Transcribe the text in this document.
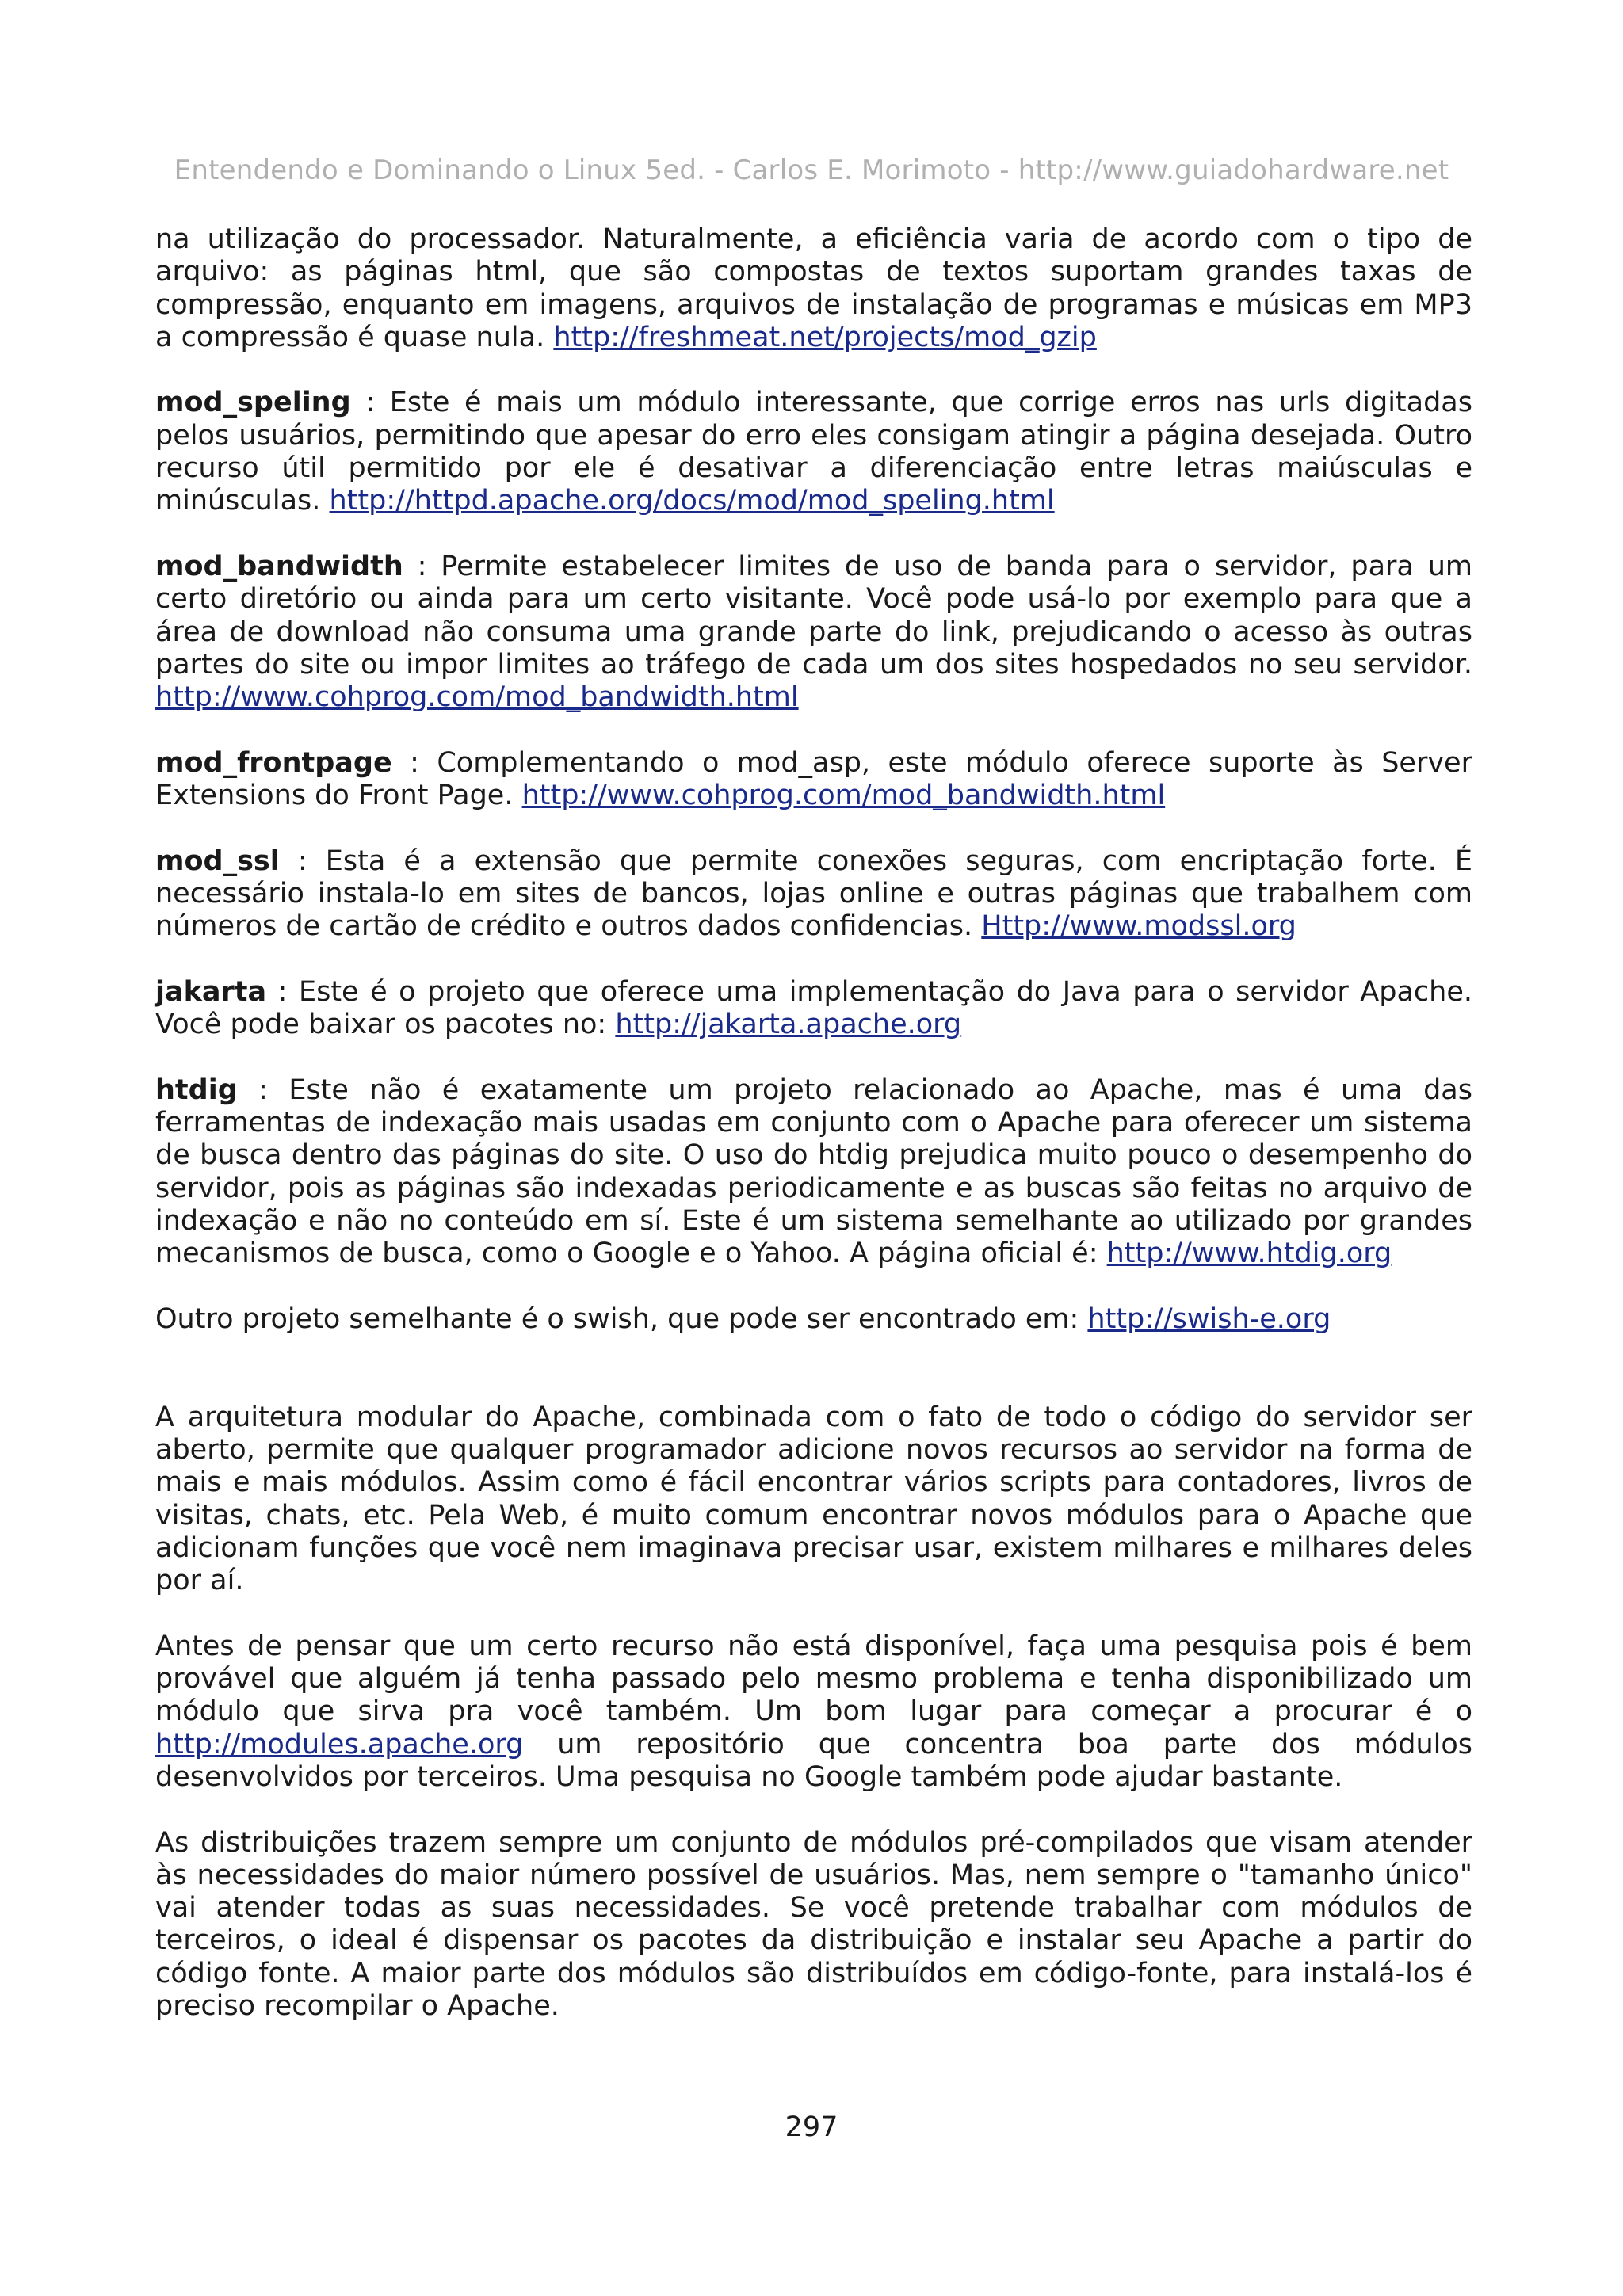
Entendendo e Dominando o Linux 5ed. - Carlos E. Morimoto - http://www.guiadohardware.net

na utilização do processador. Naturalmente, a eficiência varia de acordo com o tipo de arquivo: as páginas html, que são compostas de textos suportam grandes taxas de compressão, enquanto em imagens, arquivos de instalação de programas e músicas em MP3 a compressão é quase nula. http://freshmeat.net/projects/mod_gzip

mod_speling : Este é mais um módulo interessante, que corrige erros nas urls digitadas pelos usuários, permitindo que apesar do erro eles consigam atingir a página desejada. Outro recurso útil permitido por ele é desativar a diferenciação entre letras maiúsculas e minúsculas. http://httpd.apache.org/docs/mod/mod_speling.html

mod_bandwidth : Permite estabelecer limites de uso de banda para o servidor, para um certo diretório ou ainda para um certo visitante. Você pode usá-lo por exemplo para que a área de download não consuma uma grande parte do link, prejudicando o acesso às outras partes do site ou impor limites ao tráfego de cada um dos sites hospedados no seu servidor. http://www.cohprog.com/mod_bandwidth.html

mod_frontpage : Complementando o mod_asp, este módulo oferece suporte às Server Extensions do Front Page. http://www.cohprog.com/mod_bandwidth.html

mod_ssl : Esta é a extensão que permite conexões seguras, com encriptação forte. É necessário instala-lo em sites de bancos, lojas online e outras páginas que trabalhem com números de cartão de crédito e outros dados confidencias. Http://www.modssl.org

jakarta : Este é o projeto que oferece uma implementação do Java para o servidor Apache. Você pode baixar os pacotes no: http://jakarta.apache.org

htdig : Este não é exatamente um projeto relacionado ao Apache, mas é uma das ferramentas de indexação mais usadas em conjunto com o Apache para oferecer um sistema de busca dentro das páginas do site. O uso do htdig prejudica muito pouco o desempenho do servidor, pois as páginas são indexadas periodicamente e as buscas são feitas no arquivo de indexação e não no conteúdo em sí. Este é um sistema semelhante ao utilizado por grandes mecanismos de busca, como o Google e o Yahoo. A página oficial é: http://www.htdig.org

Outro projeto semelhante é o swish, que pode ser encontrado em: http://swish-e.org

A arquitetura modular do Apache, combinada com o fato de todo o código do servidor ser aberto, permite que qualquer programador adicione novos recursos ao servidor na forma de mais e mais módulos. Assim como é fácil encontrar vários scripts para contadores, livros de visitas, chats, etc. Pela Web, é muito comum encontrar novos módulos para o Apache que adicionam funções que você nem imaginava precisar usar, existem milhares e milhares deles por aí.

Antes de pensar que um certo recurso não está disponível, faça uma pesquisa pois é bem provável que alguém já tenha passado pelo mesmo problema e tenha disponibilizado um módulo que sirva pra você também. Um bom lugar para começar a procurar é o http://modules.apache.org um repositório que concentra boa parte dos módulos desenvolvidos por terceiros. Uma pesquisa no Google também pode ajudar bastante.

As distribuições trazem sempre um conjunto de módulos pré-compilados que visam atender às necessidades do maior número possível de usuários. Mas, nem sempre o "tamanho único" vai atender todas as suas necessidades. Se você pretende trabalhar com módulos de terceiros, o ideal é dispensar os pacotes da distribuição e instalar seu Apache a partir do código fonte. A maior parte dos módulos são distribuídos em código-fonte, para instalá-los é preciso recompilar o Apache.

297
